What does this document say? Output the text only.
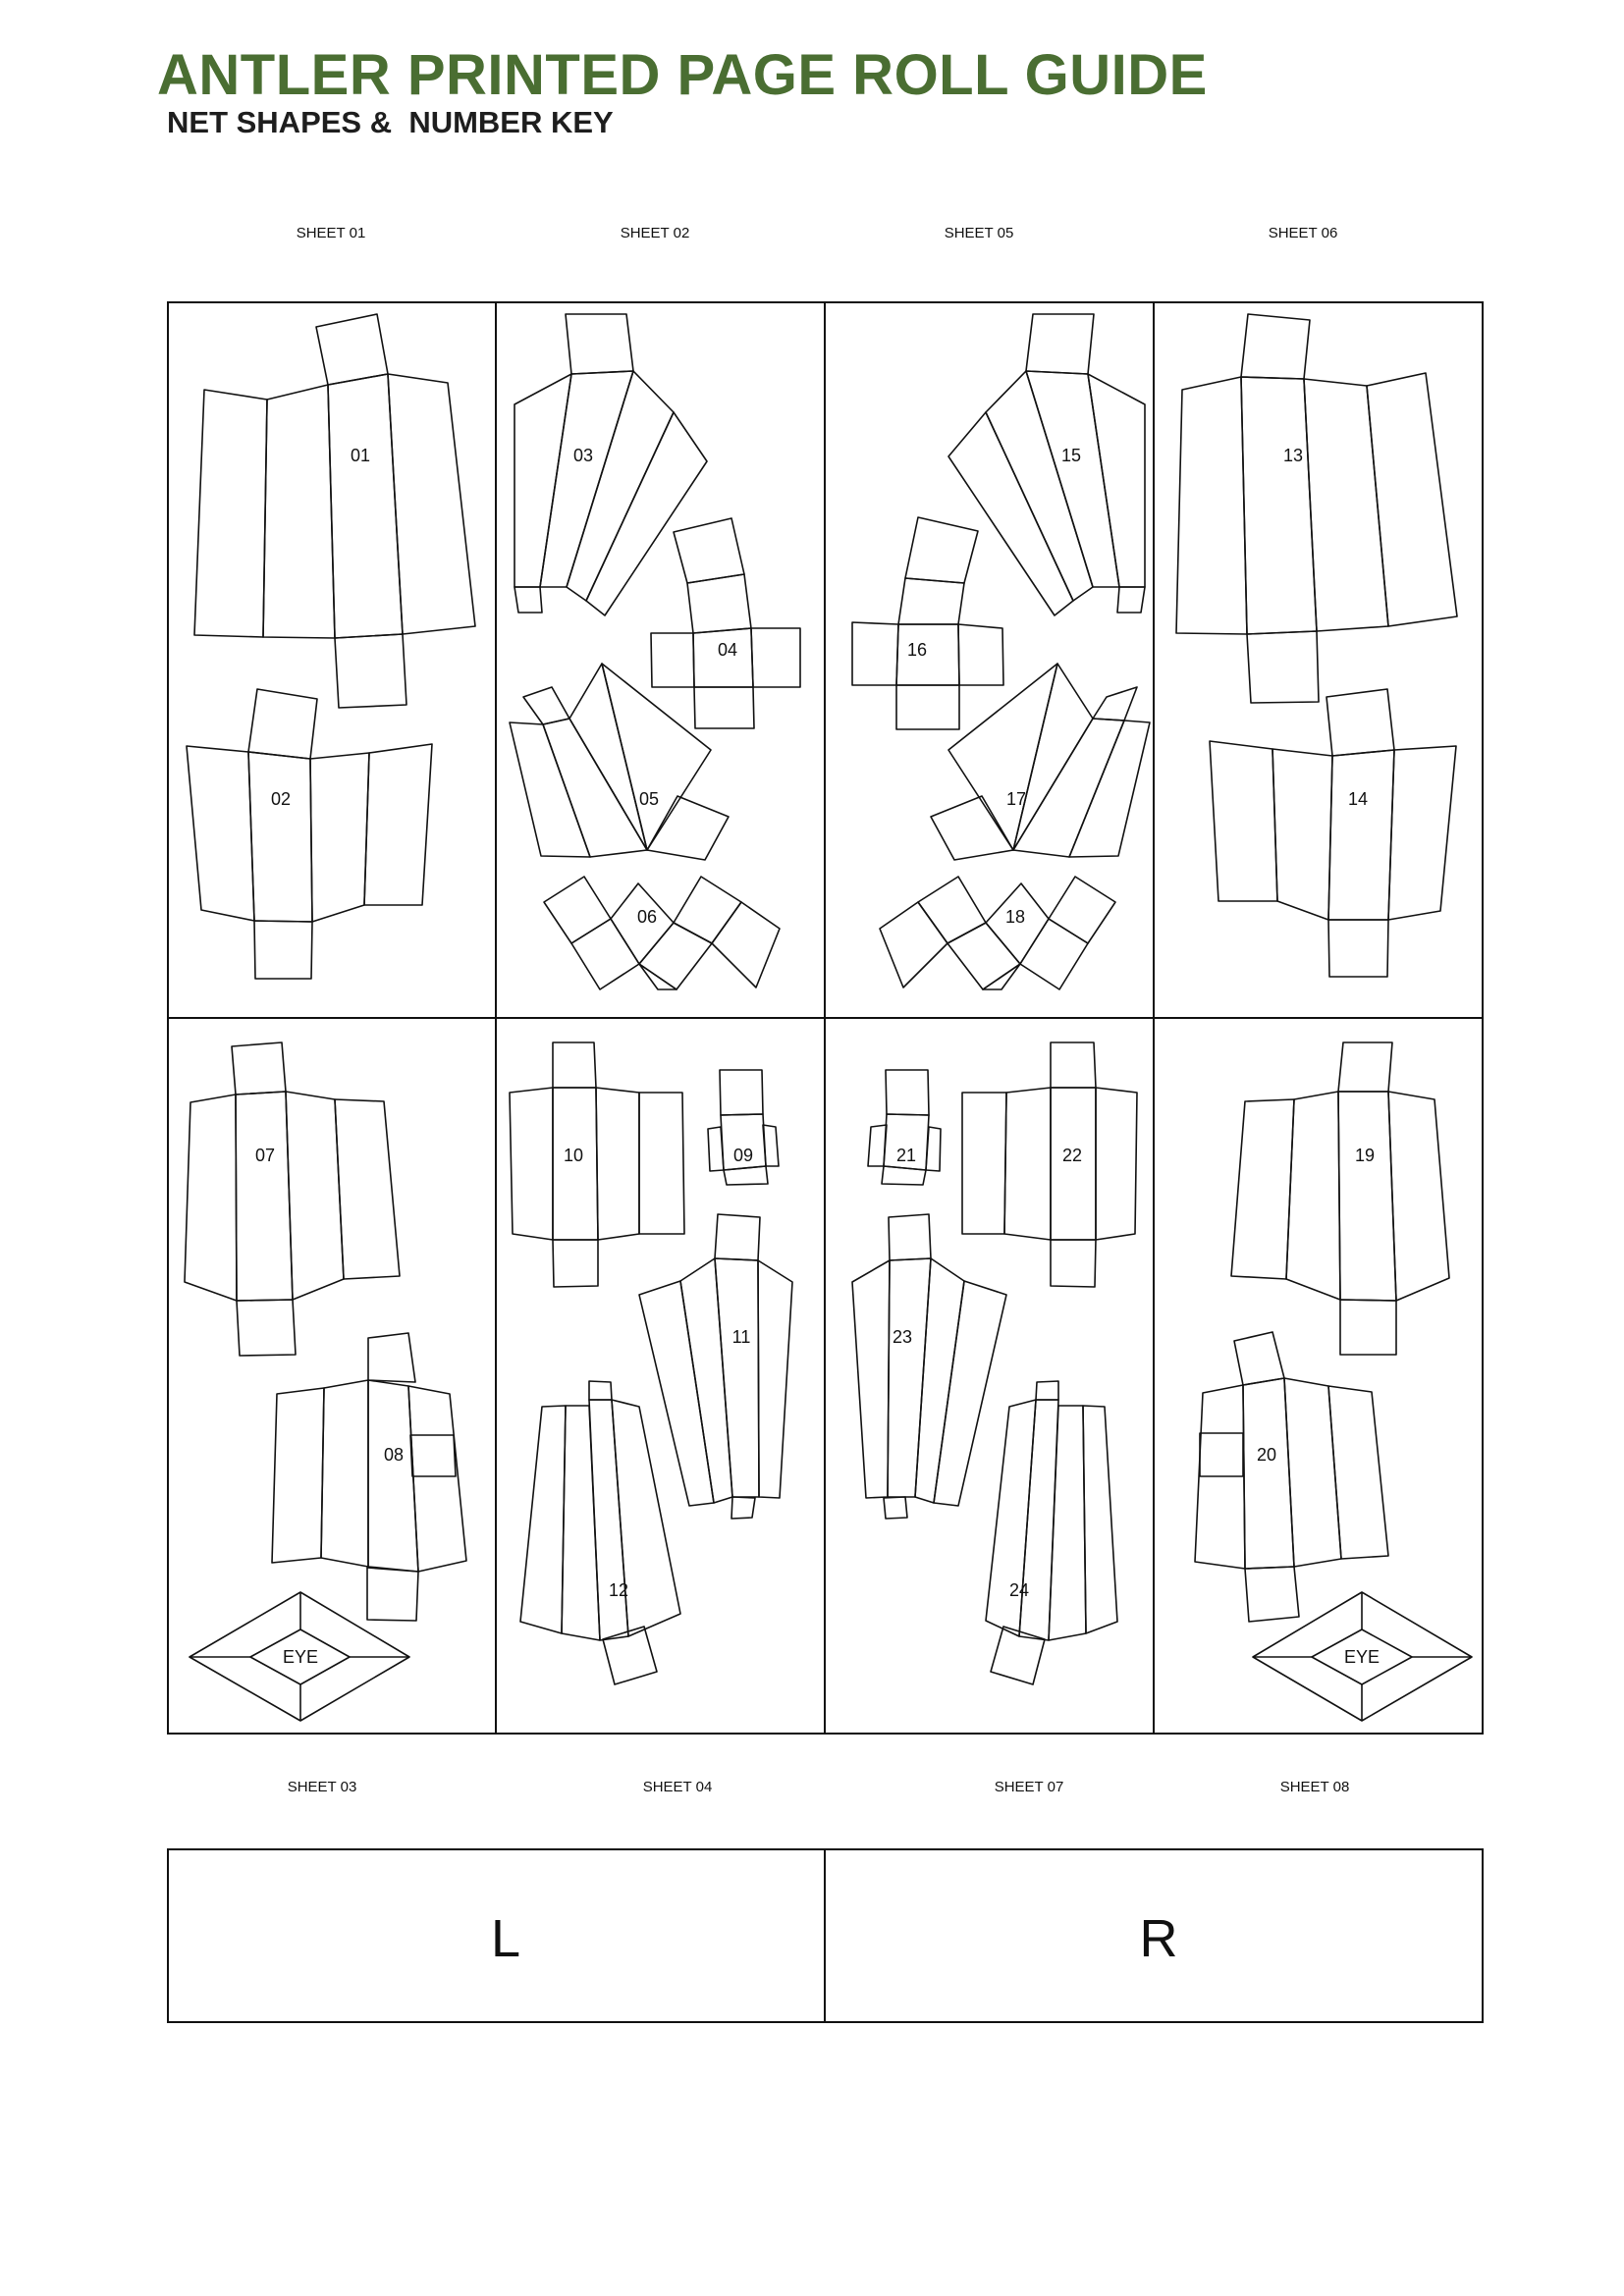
ANTLER PRINTED PAGE ROLL GUIDE
NET SHAPES &  NUMBER KEY
SHEET 01	SHEET 02	SHEET 05	SHEET 06
SHEET 03	SHEET 04	SHEET 07	SHEET 08
01
02
03
04
05
06
15
16
17
18
13
14
07
08
EYE
10	09
11
12
21	22
23
24
19
20
EYE
L	R
